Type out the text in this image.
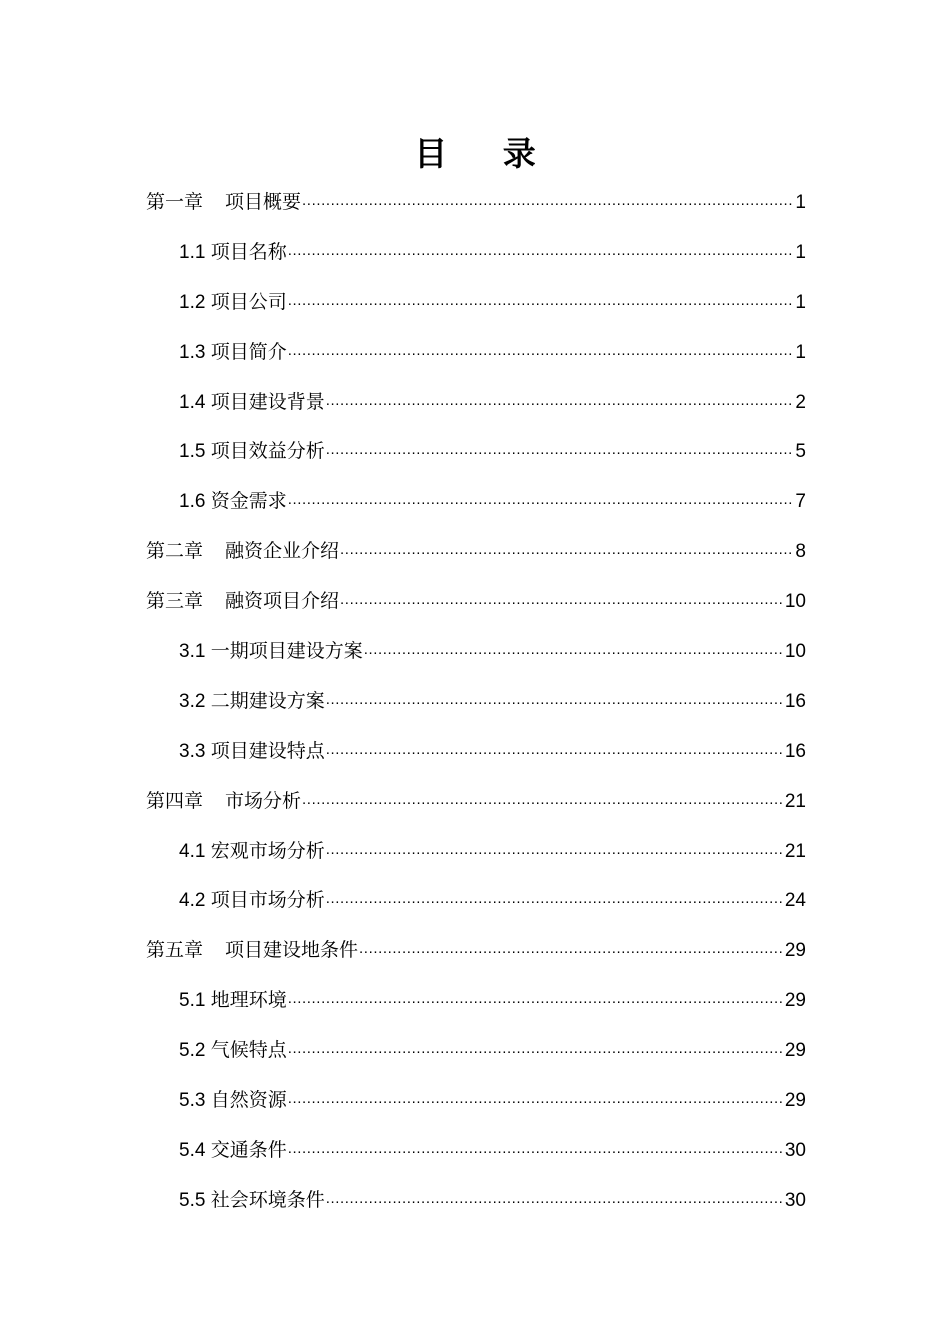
目 录
第一章 项目概要 .....	1
1.1 项目名称 .....	1
1.2 项目公司 .....	1
1.3 项目简介 .....	1
1.4 项目建设背景 .....	2
1.5 项目效益分析 .....	5
1.6 资金需求 .....	7
第二章 融资企业介绍 .....	8
第三章 融资项目介绍 .....	10
3.1 一期项目建设方案 .....	10
3.2 二期建设方案 .....	16
3.3 项目建设特点 .....	16
第四章 市场分析 .....	21
4.1 宏观市场分析 .....	21
4.2 项目市场分析 .....	24
第五章 项目建设地条件 .....	29
5.1 地理环境 .....	29
5.2 气候特点 .....	29
5.3 自然资源 .....	29
5.4 交通条件 .....	30
5.5 社会环境条件 .....	30
